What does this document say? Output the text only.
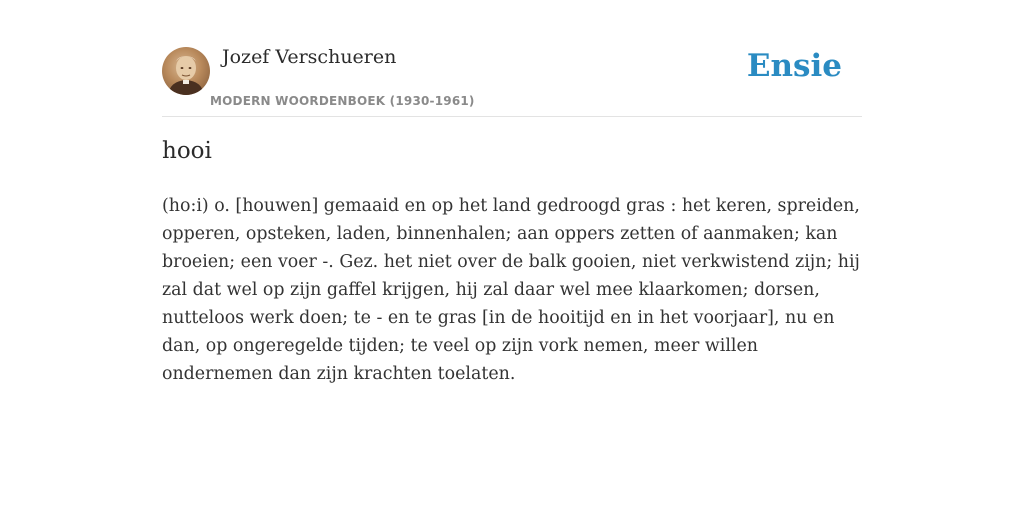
Jozef Verschueren
MODERN WOORDENBOEK (1930-1961)
Ensie
hooi

(ho:i) o. [houwen] gemaaid en op het land gedroogd gras : het keren, spreiden, opperen, opsteken, laden, binnenhalen; aan oppers zetten of aanmaken; kan broeien; een voer -. Gez. het niet over de balk gooien, niet verkwistend zijn; hij zal dat wel op zijn gaffel krijgen, hij zal daar wel mee klaarkomen; dorsen, nutteloos werk doen; te - en te gras [in de hooitijd en in het voorjaar], nu en dan, op ongeregelde tijden; te veel op zijn vork nemen, meer willen ondernemen dan zijn krachten toelaten.
